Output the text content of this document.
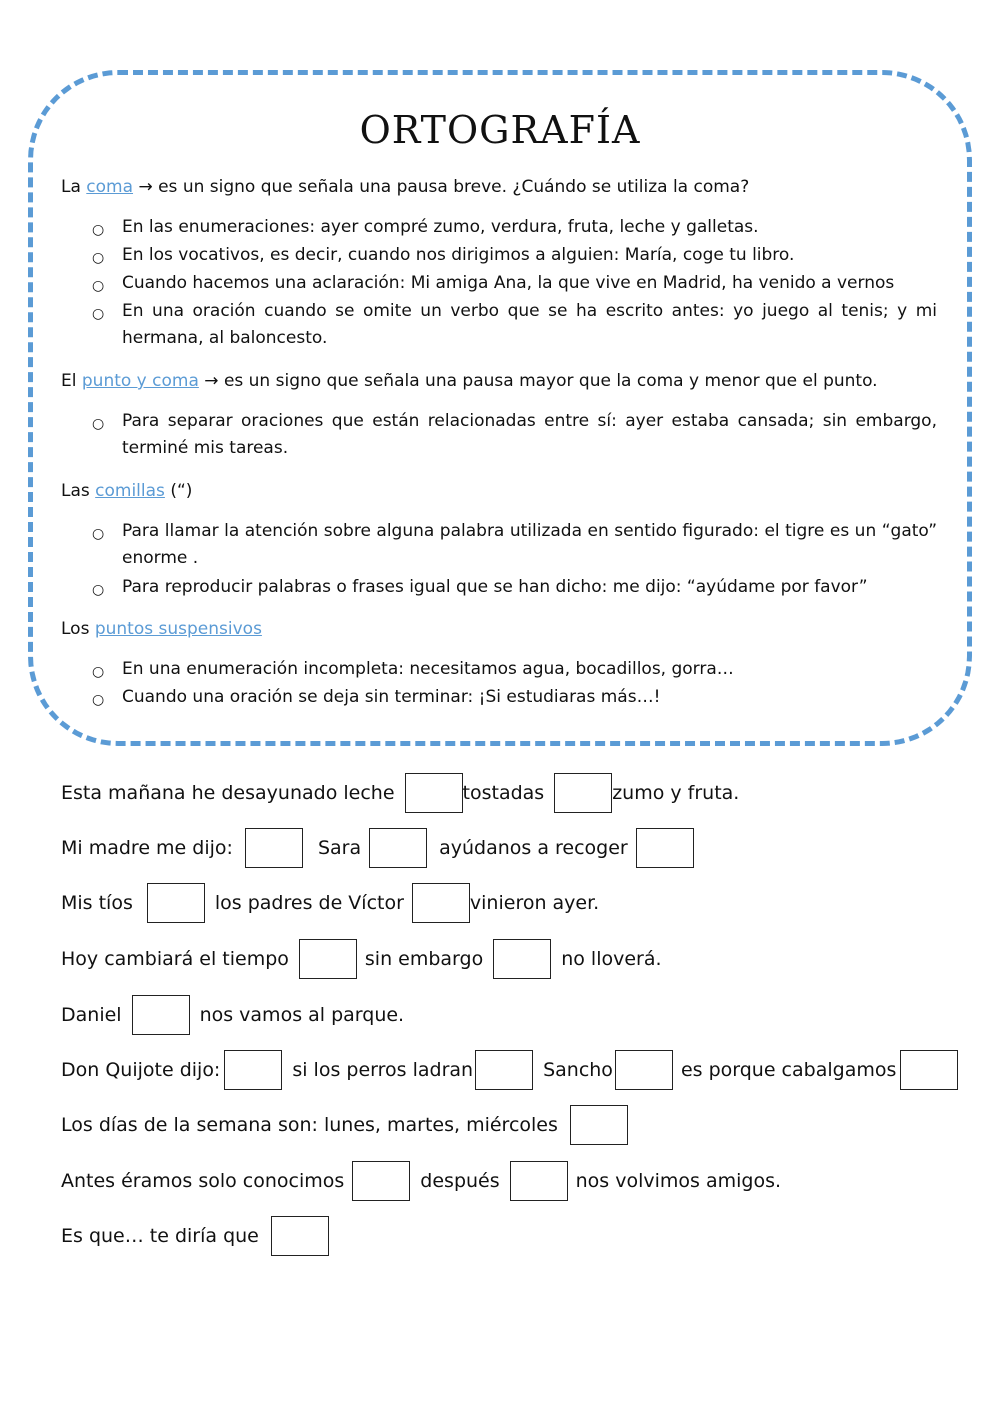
ORTOGRAFÍA
La coma → es un signo que señala una pausa breve. ¿Cuándo se utiliza la coma?
○ En las enumeraciones: ayer compré zumo, verdura, fruta, leche y galletas.
○ En los vocativos, es decir, cuando nos dirigimos a alguien: María, coge tu libro.
○ Cuando hacemos una aclaración: Mi amiga Ana, la que vive en Madrid, ha venido a vernos
○ En una oración cuando se omite un verbo que se ha escrito antes: yo juego al tenis; y mi hermana, al baloncesto.
El punto y coma → es un signo que señala una pausa mayor que la coma y menor que el punto.
○ Para separar oraciones que están relacionadas entre sí: ayer estaba cansada; sin embargo, terminé mis tareas.
Las comillas (“)
○ Para llamar la atención sobre alguna palabra utilizada en sentido figurado: el tigre es un “gato” enorme .
○ Para reproducir palabras o frases igual que se han dicho: me dijo: “ayúdame por favor”
Los puntos suspensivos
○ En una enumeración incompleta: necesitamos agua, bocadillos, gorra…
○ Cuando una oración se deja sin terminar: ¡Si estudiaras más…!
Esta mañana he desayunado leche	tostadas	zumo y fruta.
Mi madre me dijo:	Sara	ayúdanos a recoger
Mis tíos	los padres de Víctor	vinieron ayer.
Hoy cambiará el tiempo	sin embargo	no lloverá.
Daniel	nos vamos al parque.
Don Quijote dijo:	si los perros ladran	Sancho	es porque cabalgamos
Los días de la semana son: lunes, martes, miércoles
Antes éramos solo conocimos	después	nos volvimos amigos.
Es que… te diría que
